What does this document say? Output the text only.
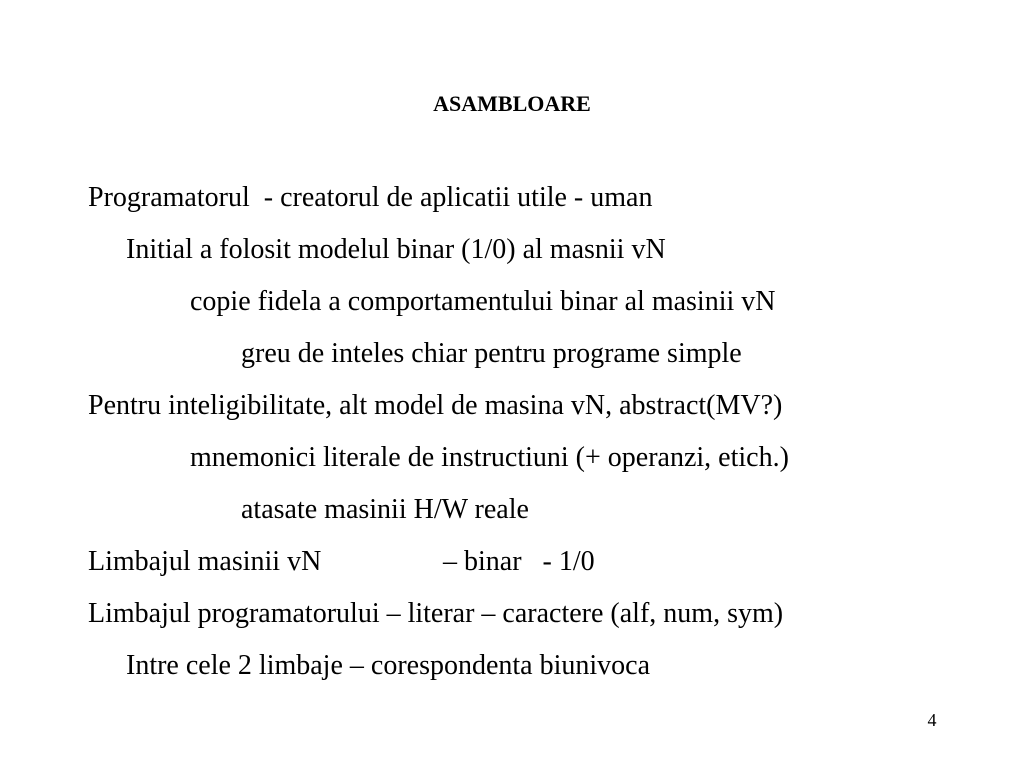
ASAMBLOARE
Programatorul  - creatorul de aplicatii utile - uman
Initial a folosit modelul binar (1/0) al masnii vN
copie fidela a comportamentului binar al masinii vN
greu de inteles chiar pentru programe simple
Pentru inteligibilitate, alt model de masina vN, abstract(MV?)
mnemonici literale de instructiuni (+ operanzi, etich.)
atasate masinii H/W reale

Limbajul masinii vN

	– binar   - 1/0

Limbajul programatorului – literar – caractere (alf, num, sym)
Intre cele 2 limbaje – corespondenta biunivoca
4
